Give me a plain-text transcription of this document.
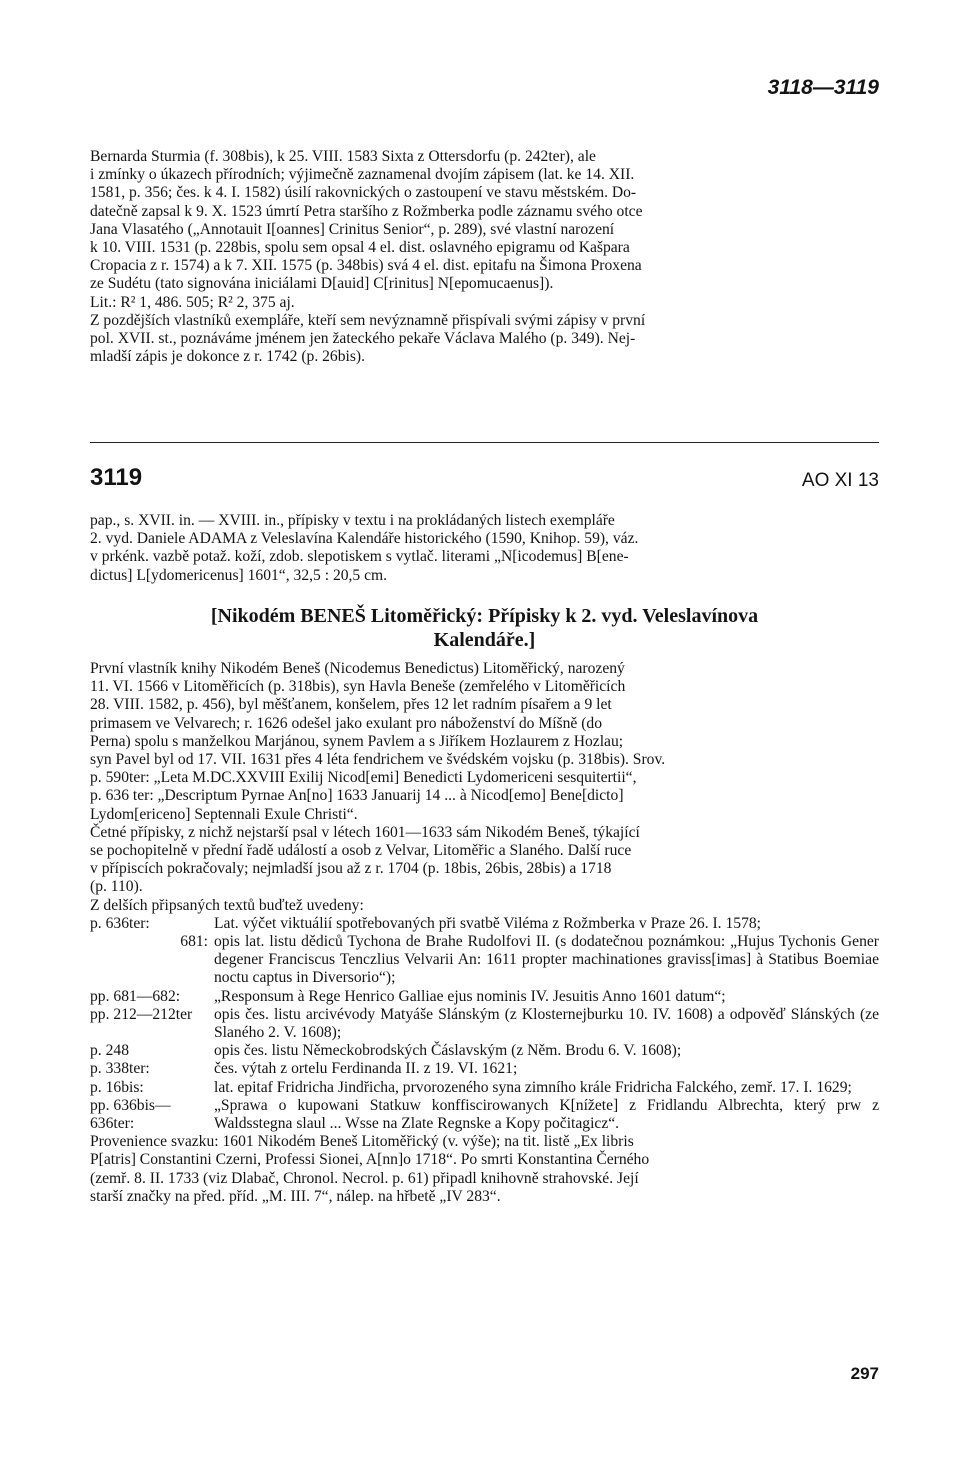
3118—3119

Bernarda Sturmia (f. 308bis), k 25. VIII. 1583 Sixta z Ottersdorfu (p. 242ter), ale

i zmínky o úkazech přírodních; výjimečně zaznamenal dvojím zápisem (lat. ke 14. XII.

1581, p. 356; čes. k 4. I. 1582) úsilí rakovnických o zastoupení ve stavu městském. Do-

datečně zapsal k 9. X. 1523 úmrtí Petra staršího z Rožmberka podle záznamu svého otce

Jana Vlasatého („Annotauit I[oannes] Crinitus Senior“, p. 289), své vlastní narození

k 10. VIII. 1531 (p. 228bis, spolu sem opsal 4 el. dist. oslavného epigramu od Kašpara

Cropacia z r. 1574) a k 7. XII. 1575 (p. 348bis) svá 4 el. dist. epitafu na Šimona Proxena

ze Sudétu (tato signována iniciálami D[auid] C[rinitus] N[epomucaenus]).

Lit.: R² 1, 486. 505; R² 2, 375 aj.

Z pozdějších vlastníků exempláře, kteří sem nevýznamně přispívali svými zápisy v první

pol. XVII. st., poznáváme jménem jen žateckého pekaře Václava Malého (p. 349). Nej-

mladší zápis je dokonce z r. 1742 (p. 26bis).

3119	AO XI 13

pap., s. XVII. in. — XVIII. in., přípisky v textu i na prokládaných listech exempláře

2. vyd. Daniele ADAMA z Veleslavína Kalendáře historického (1590, Knihop. 59), váz.

v prkénk. vazbě potaž. koží, zdob. slepotiskem s vytlač. literami „N[icodemus] B[ene-

dictus] L[ydomericenus] 1601“, 32,5 : 20,5 cm.

[Nikodém BENEŠ Litoměřický: Přípisky k 2. vyd. Veleslavínova
Kalendáře.]

První vlastník knihy Nikodém Beneš (Nicodemus Benedictus) Litoměřický, narozený

11. VI. 1566 v Litoměřicích (p. 318bis), syn Havla Beneše (zemřelého v Litoměřicích

28. VIII. 1582, p. 456), byl měšťanem, konšelem, přes 12 let radním písařem a 9 let

primasem ve Velvarech; r. 1626 odešel jako exulant pro náboženství do Míšně (do

Perna) spolu s manželkou Marjánou, synem Pavlem a s Jiříkem Hozlaurem z Hozlau;

syn Pavel byl od 17. VII. 1631 přes 4 léta fendrichem ve švédském vojsku (p. 318bis). Srov.

p. 590ter: „Leta M.DC.XXVIII Exilij Nicod[emi] Benedicti Lydomericeni sesquitertii“,

p. 636 ter: „Descriptum Pyrnae An[no] 1633 Januarij 14 ... à Nicod[emo] Bene[dicto]

Lydom[ericeno] Septennali Exule Christi“.

Četné přípisky, z nichž nejstarší psal v létech 1601—1633 sám Nikodém Beneš, týkající

se pochopitelně v přední řadě událostí a osob z Velvar, Litoměřic a Slaného. Další ruce

v přípiscích pokračovaly; nejmladší jsou až z r. 1704 (p. 18bis, 26bis, 28bis) a 1718

(p. 110).

Z delších připsaných textů buďtež uvedeny:

p. 636ter:	Lat. výčet viktuálií spotřebovaných při svatbě Viléma z Rožmberka v Praze 26. I. 1578;
681: opis lat. listu dědiců Tychona de Brahe Rudolfovi II. (s dodatečnou poznámkou: „Hujus Tychonis Gener degener Franciscus Tenczlius Velvarii An: 1611 propter machinationes graviss[imas] à Statibus Boemiae noctu captus in Diversorio“);
pp. 681—682:	„Responsum à Rege Henrico Galliae ejus nominis IV. Jesuitis Anno 1601 datum“;
pp. 212—212ter	opis čes. listu arcivévody Matyáše Slánským (z Klosternejburku 10. IV. 1608) a odpověď Slánských (ze Slaného 2. V. 1608);
p. 248	opis čes. listu Německobrodských Čáslavským (z Něm. Brodu 6. V. 1608);
p. 338ter:	čes. výtah z ortelu Ferdinanda II. z 19. VI. 1621;
p. 16bis:	lat. epitaf Fridricha Jindřicha, prvorozeného syna zimního krále Fridricha Falckého, zemř. 17. I. 1629;
pp. 636bis—636ter:
„Sprawa o kupowani Statkuw konffiscirowanych K[nížete] z Fridlandu Albrechta, který prw z Waldsstegna slaul ... Wsse na Zlate Regnske a Kopy počitagicz“.

Provenience svazku: 1601 Nikodém Beneš Litoměřický (v. výše); na tit. listě „Ex libris

P[atris] Constantini Czerni, Professi Sionei, A[nn]o 1718“. Po smrti Konstantina Černého

(zemř. 8. II. 1733 (viz Dlabač, Chronol. Necrol. p. 61) připadl knihovně strahovské. Její

starší značky na před. příd. „M. III. 7“, nálep. na hřbetě „IV 283“.

297
